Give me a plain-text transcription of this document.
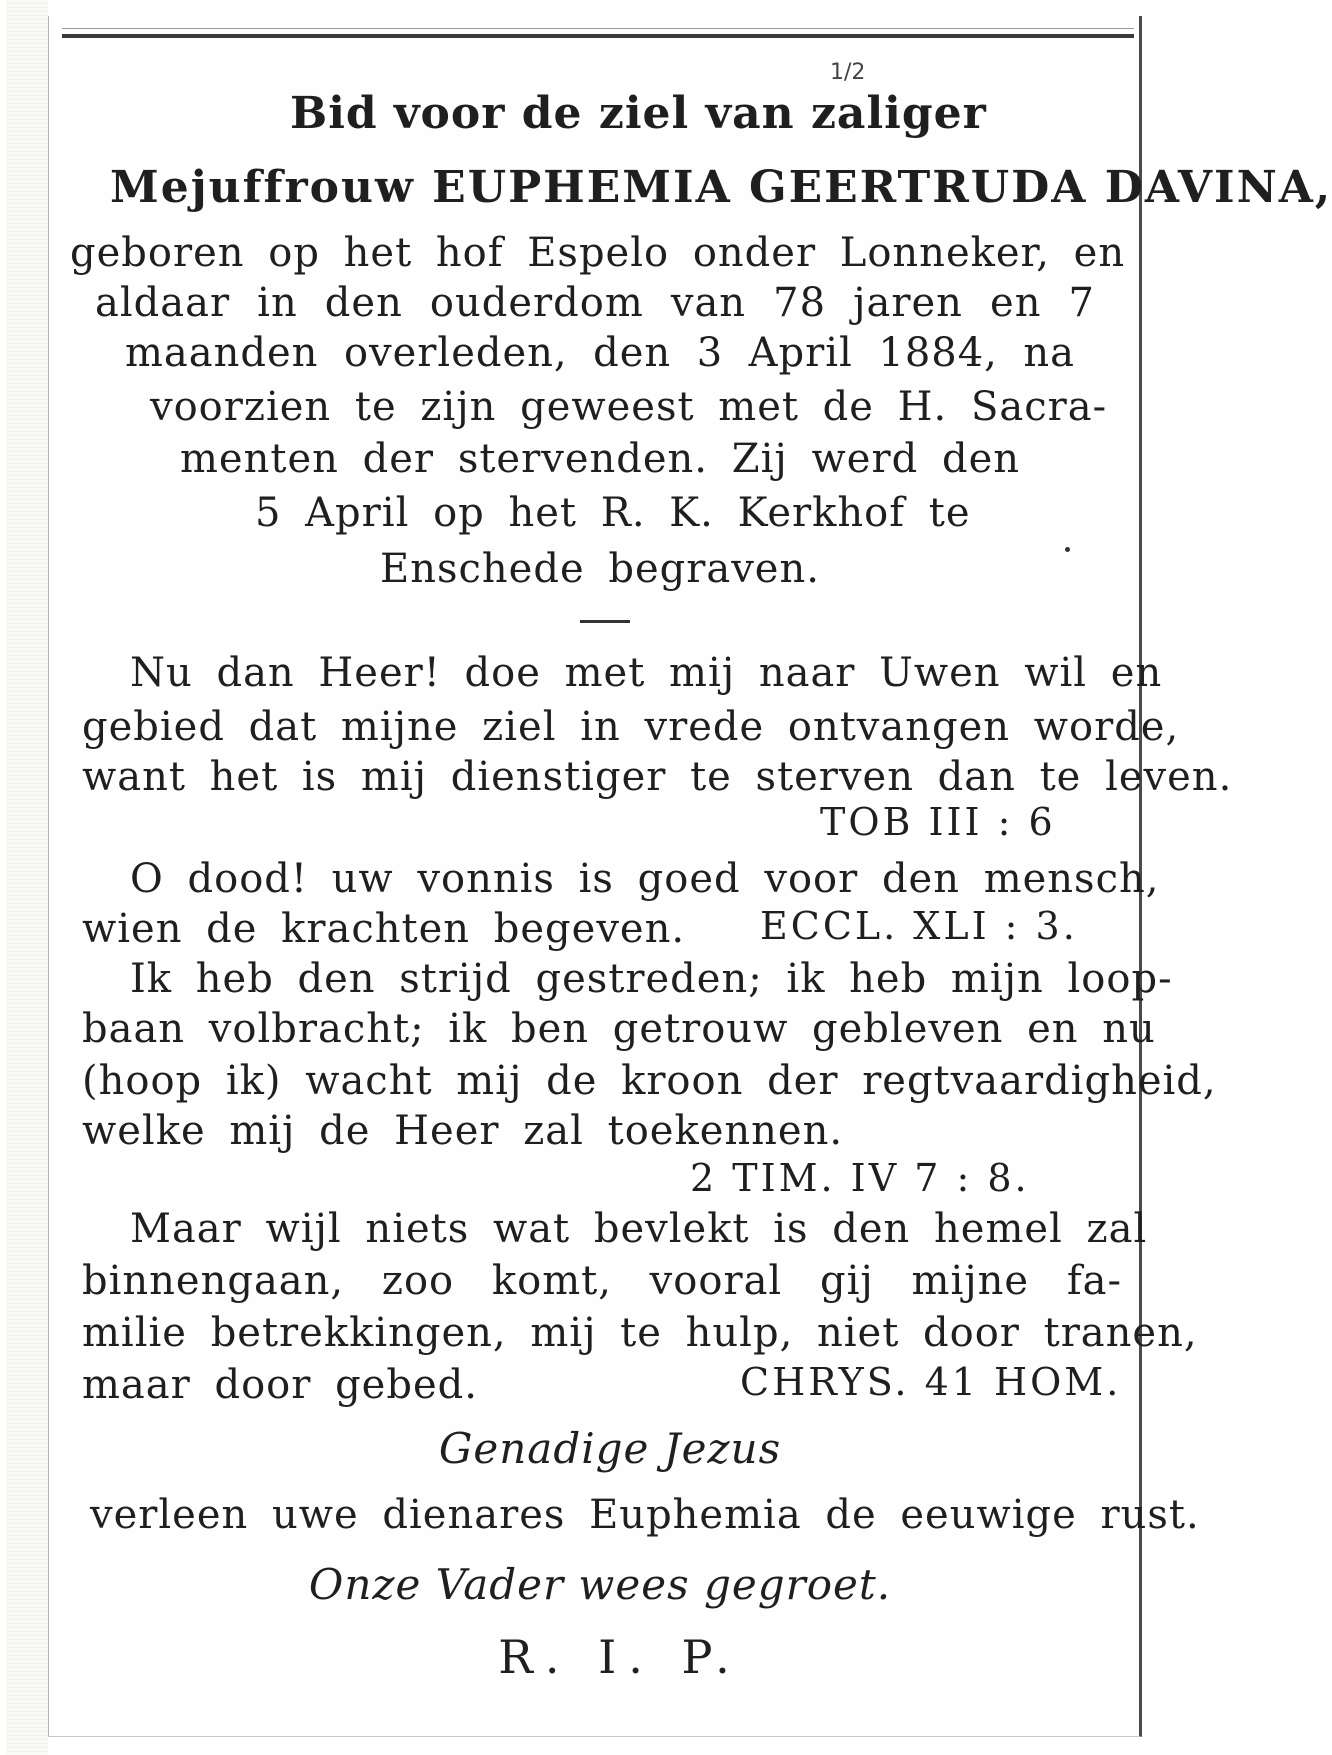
1/2
Bid voor de ziel van zaliger
Mejuffrouw EUPHEMIA GEERTRUDA DAVINA,
geboren op het hof Espelo onder Lonneker, en
aldaar in den ouderdom van 78 jaren en 7
maanden overleden, den 3 April 1884, na
voorzien te zijn geweest met de H. Sacra-
menten der stervenden. Zij werd den
5 April op het R. K. Kerkhof te
Enschede begraven.
Nu dan Heer! doe met mij naar Uwen wil en
gebied dat mijne ziel in vrede ontvangen worde,
want het is mij dienstiger te sterven dan te leven.
TOB III : 6
O dood! uw vonnis is goed voor den mensch,
wien de krachten begeven. ECCL. XLI : 3.
Ik heb den strijd gestreden; ik heb mijn loop-
baan volbracht; ik ben getrouw gebleven en nu
(hoop ik) wacht mij de kroon der regtvaardigheid,
welke mij de Heer zal toekennen.
2 TIM. IV 7 : 8.
Maar wijl niets wat bevlekt is den hemel zal
binnengaan, zoo komt, vooral gij mijne fa-
milie betrekkingen, mij te hulp, niet door tranen,
maar door gebed.	CHRYS. 41 HOM.
Genadige Jezus
verleen uwe dienares Euphemia de eeuwige rust.
Onze Vader wees gegroet.
R. I. P.
